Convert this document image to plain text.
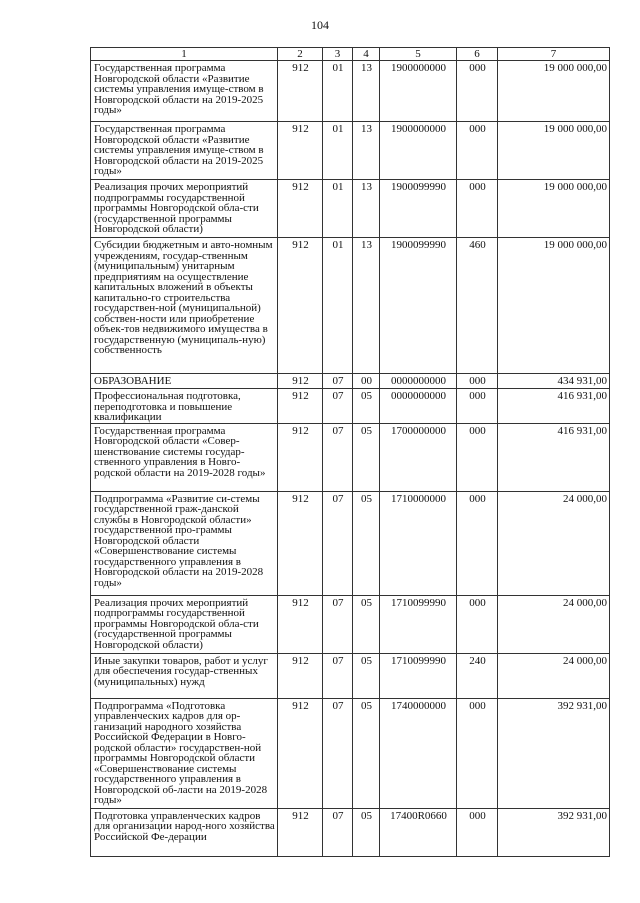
104
1	2	3	4	5	6	7
Государственная программа Новгородской области «Развитие системы управления имуще-ством в Новгородской области на 2019-2025 годы»	912	01	13	1900000000	000	19 000 000,00
Государственная программа Новгородской области «Развитие системы управления имуще-ством в Новгородской области на 2019-2025 годы»	912	01	13	1900000000	000	19 000 000,00
Реализация прочих мероприятий подпрограммы государственной программы Новгородской обла-сти (государственной программы Новгородской области)	912	01	13	1900099990	000	19 000 000,00
Субсидии бюджетным и авто-номным учреждениям, государ-ственным (муниципальным) унитарным предприятиям на осуществление капитальных вложений в объекты капитально-го строительства государствен-ной (муниципальной) собствен-ности или приобретение объек-тов недвижимого имущества в государственную (муниципаль-ную) собственность	912	01	13	1900099990	460	19 000 000,00
ОБРАЗОВАНИЕ	912	07	00	0000000000	000	434 931,00
Профессиональная подготовка, переподготовка и повышение квалификации	912	07	05	0000000000	000	416 931,00
Государственная программа Новгородской области «Совер-шенствование системы государ-ственного управления в Новго-родской области на 2019-2028 годы»	912	07	05	1700000000	000	416 931,00
Подпрограмма «Развитие си-стемы государственной граж-данской службы в Новгородской области» государственной про-граммы Новгородской области «Совершенствование системы государственного управления в Новгородской области на 2019-2028 годы»	912	07	05	1710000000	000	24 000,00
Реализация прочих мероприятий подпрограммы государственной программы Новгородской обла-сти (государственной программы Новгородской области)	912	07	05	1710099990	000	24 000,00
Иные закупки товаров, работ и услуг для обеспечения государ-ственных (муниципальных) нужд	912	07	05	1710099990	240	24 000,00
Подпрограмма «Подготовка управленческих кадров для ор-ганизаций народного хозяйства Российской Федерации в Новго-родской области» государствен-ной программы Новгородской области «Совершенствование системы государственного управления в Новгородской об-ласти на 2019-2028 годы»	912	07	05	1740000000	000	392 931,00
Подготовка управленческих кадров для организации народ-ного хозяйства Российской Фе-дерации	912	07	05	17400R0660	000	392 931,00
